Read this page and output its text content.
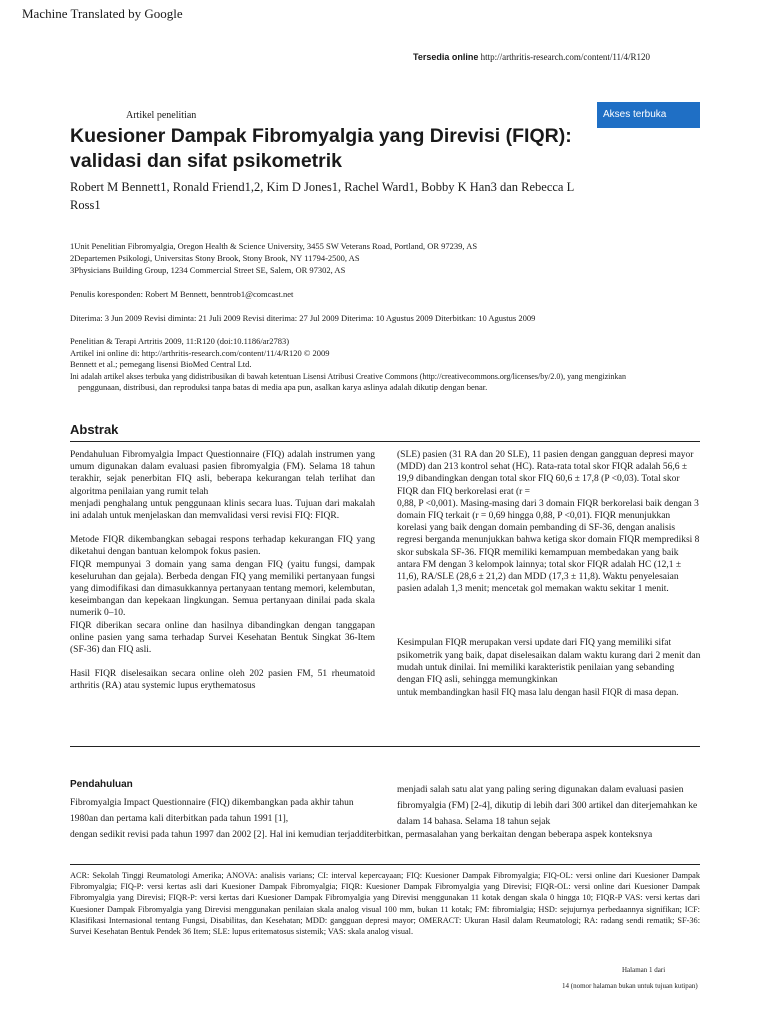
Machine Translated by Google
Tersedia online http://arthritis-research.com/content/11/4/R120
Artikel penelitian	Akses terbuka
Kuesioner Dampak Fibromyalgia yang Direvisi (FIQR):
validasi dan sifat psikometrik
Robert M Bennett1, Ronald Friend1,2, Kim D Jones1, Rachel Ward1, Bobby K Han3 dan Rebecca L
Ross1
1Unit Penelitian Fibromyalgia, Oregon Health & Science University, 3455 SW Veterans Road, Portland, OR 97239, AS
2Departemen Psikologi, Universitas Stony Brook, Stony Brook, NY 11794-2500, AS
3Physicians Building Group, 1234 Commercial Street SE, Salem, OR 97302, AS
Penulis koresponden: Robert M Bennett, benntrob1@comcast.net
Diterima: 3 Jun 2009 Revisi diminta: 21 Juli 2009 Revisi diterima: 27 Jul 2009 Diterima: 10 Agustus 2009 Diterbitkan: 10 Agustus 2009
Penelitian & Terapi Artritis 2009, 11:R120 (doi:10.1186/ar2783)
Artikel ini online di: http://arthritis-research.com/content/11/4/R120 © 2009
Bennett et al.; pemegang lisensi BioMed Central Ltd.
Ini adalah artikel akses terbuka yang didistribusikan di bawah ketentuan Lisensi Atribusi Creative Commons (http://creativecommons.org/licenses/by/2.0), yang mengizinkan
penggunaan, distribusi, dan reproduksi tanpa batas di media apa pun, asalkan karya aslinya adalah dikutip dengan benar.
Abstrak

Pendahuluan Fibromyalgia Impact Questionnaire (FIQ) adalah instrumen yang umum digunakan dalam evaluasi pasien fibromyalgia (FM). Selama 18 tahun terakhir, sejak penerbitan FIQ asli, beberapa kekurangan telah terlihat dan algoritma penilaian yang rumit telah

menjadi penghalang untuk penggunaan klinis secara luas. Tujuan dari makalah ini adalah untuk menjelaskan dan memvalidasi versi revisi FIQ: FIQR.

Metode FIQR dikembangkan sebagai respons terhadap kekurangan FIQ yang diketahui dengan bantuan kelompok fokus pasien.

FIQR mempunyai 3 domain yang sama dengan FIQ (yaitu fungsi, dampak keseluruhan dan gejala). Berbeda dengan FIQ yang memiliki pertanyaan fungsi yang dimodifikasi dan dimasukkannya pertanyaan tentang memori, kelembutan, keseimbangan dan kepekaan lingkungan. Semua pertanyaan dinilai pada skala numerik 0–10.

FIQR diberikan secara online dan hasilnya dibandingkan dengan tanggapan online pasien yang sama terhadap Survei Kesehatan Bentuk Singkat 36-Item (SF-36) dan FIQ asli.

Hasil FIQR diselesaikan secara online oleh 202 pasien FM, 51 rheumatoid arthritis (RA) atau systemic lupus erythematosus

(SLE) pasien (31 RA dan 20 SLE), 11 pasien dengan gangguan depresi mayor (MDD) dan 213 kontrol sehat (HC). Rata-rata total skor FIQR adalah 56,6 ± 19,9 dibandingkan dengan total skor FIQ 60,6 ± 17,8 (P <0,03). Total skor FIQR dan FIQ berkorelasi erat (r =

0,88, P <0,001). Masing-masing dari 3 domain FIQR berkorelasi baik dengan 3 domain FIQ terkait (r = 0,69 hingga 0,88, P <0,01). FIQR menunjukkan korelasi yang baik dengan domain pembanding di SF-36, dengan analisis regresi berganda menunjukkan bahwa ketiga skor domain FIQR memprediksi 8 skor subskala SF-36. FIQR memiliki kemampuan membedakan yang baik antara FM dengan 3 kelompok lainnya; total skor FIQR adalah HC (12,1 ± 11,6), RA/SLE (28,6 ± 21,2) dan MDD (17,3 ± 11,8). Waktu penyelesaian pasien adalah 1,3 menit; mencetak gol memakan waktu sekitar 1 menit.

Kesimpulan FIQR merupakan versi update dari FIQ yang memiliki sifat psikometrik yang baik, dapat diselesaikan dalam waktu kurang dari 2 menit dan mudah untuk dinilai. Ini memiliki karakteristik penilaian yang sebanding dengan FIQ asli, sehingga memungkinkan

untuk membandingkan hasil FIQ masa lalu dengan hasil FIQR di masa depan.

Pendahuluan
Fibromyalgia Impact Questionnaire (FIQ) dikembangkan pada akhir tahun 1980an dan pertama kali diterbitkan pada tahun 1991 [1],
menjadi salah satu alat yang paling sering digunakan dalam evaluasi pasien fibromyalgia (FM) [2-4], dikutip di lebih dari 300 artikel dan diterjemahkan ke dalam 14 bahasa. Selama 18 tahun sejak
dengan sedikit revisi pada tahun 1997 dan 2002 [2]. Hal ini kemudian terjadditerbitkan, permasalahan yang berkaitan dengan beberapa aspek konteksnya
ACR: Sekolah Tinggi Reumatologi Amerika; ANOVA: analisis varians; CI: interval kepercayaan; FIQ: Kuesioner Dampak Fibromyalgia; FIQ-OL: versi online dari Kuesioner Dampak Fibromyalgia; FIQ-P: versi kertas asli dari Kuesioner Dampak Fibromyalgia; FIQR: Kuesioner Dampak Fibromyalgia yang Direvisi; FIQR-OL: versi online dari Kuesioner Dampak Fibromyalgia yang Direvisi; FIQR-P: versi kertas dari Kuesioner Dampak Fibromyalgia yang Direvisi menggunakan 11 kotak dengan skala 0 hingga 10; FIQR-P VAS: versi kertas dari Kuesioner Dampak Fibromyalgia yang Direvisi menggunakan penilaian skala analog visual 100 mm, bukan 11 kotak; FM: fibromialgia; HSD: sejujurnya perbedaannya signifikan; ICF: Klasifikasi Internasional tentang Fungsi, Disabilitas, dan Kesehatan; MDD: gangguan depresi mayor; OMERACT: Ukuran Hasil dalam Reumatologi; RA: radang sendi rematik; SF-36: Survei Kesehatan Bentuk Pendek 36 Item; SLE: lupus eritematosus sistemik; VAS: skala analog visual.
Halaman 1 dari
14 (nomor halaman bukan untuk tujuan kutipan)
